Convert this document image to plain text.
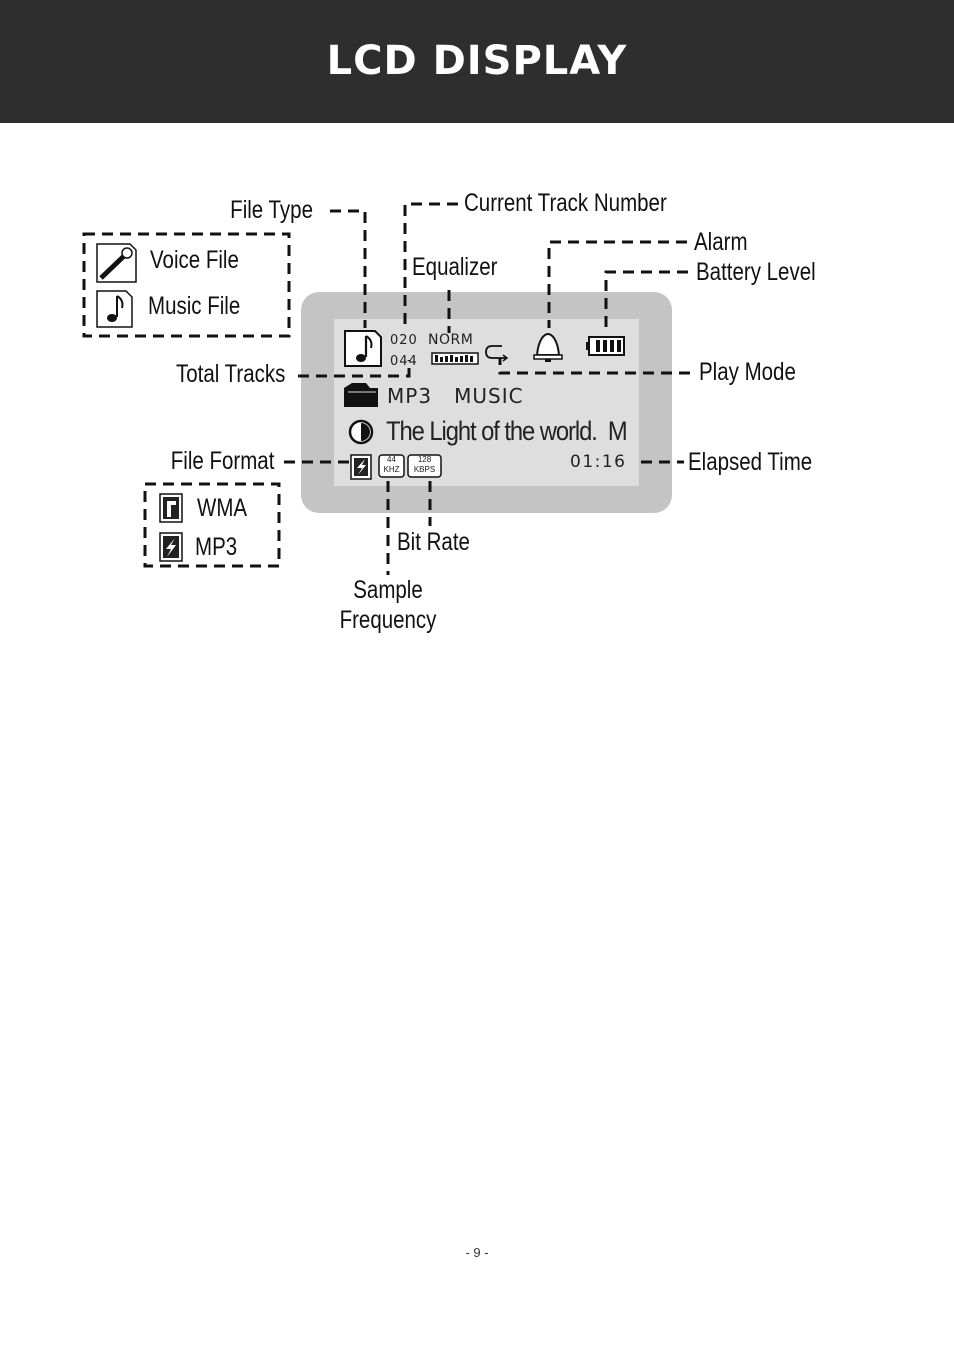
LCD DISPLAY
020
044
NORM
MP3   MUSIC
The Light of the world.  M
01:16
44
KHZ
128
KBPS
File Type	Current Track Number
Equalizer
Alarm
Battery Level
Total Tracks	Play Mode
File Format	Elapsed Time
Bit Rate
Sample
Frequency
Voice File
Music File
WMA
MP3
- 9 -
